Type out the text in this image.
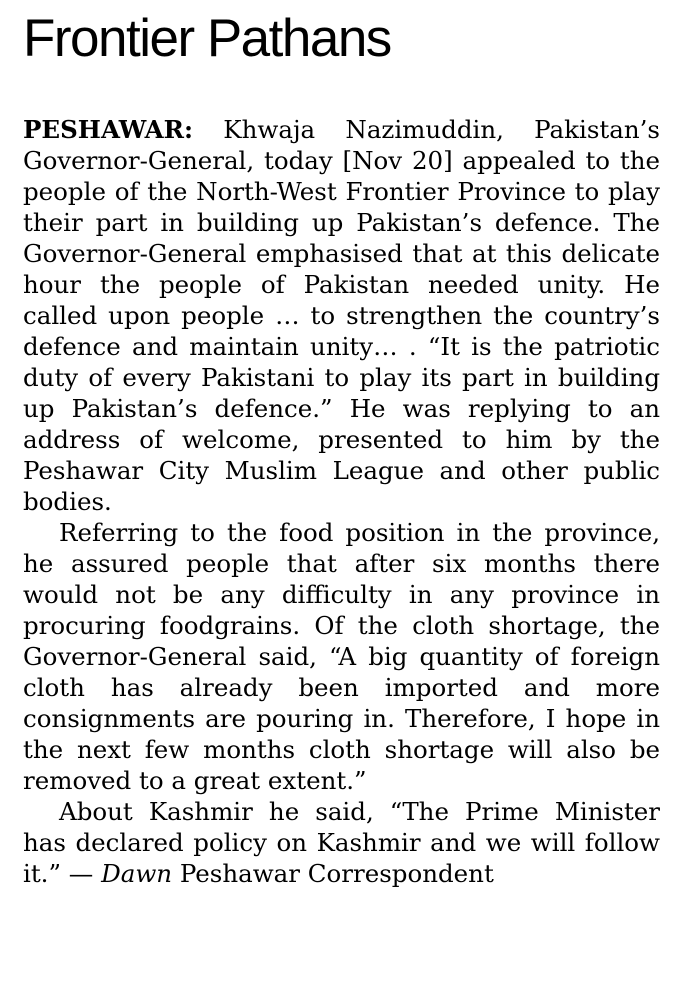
Frontier Pathans

PESHAWAR: Khwaja Nazimuddin, Pakistan’s Governor-General, today [Nov 20] appealed to the people of the North-West Frontier Province to play their part in building up Pakistan’s defence. The Governor-General emphasised that at this delicate hour the people of Pakistan needed unity. He called upon people … to strengthen the country’s defence and maintain unity… . “It is the patriotic duty of every Pakistani to play its part in building up Pakistan’s defence.” He was replying to an address of welcome, presented to him by the Peshawar City Muslim League and other public bodies.

Referring to the food position in the province, he assured people that after six months there would not be any difficulty in any province in procuring foodgrains. Of the cloth shortage, the Governor-General said, “A big quantity of foreign cloth has already been imported and more consignments are pouring in. Therefore, I hope in the next few months cloth shortage will also be removed to a great extent.”

About Kashmir he said, “The Prime Minister has declared policy on Kashmir and we will follow it.” — Dawn Peshawar Correspondent
